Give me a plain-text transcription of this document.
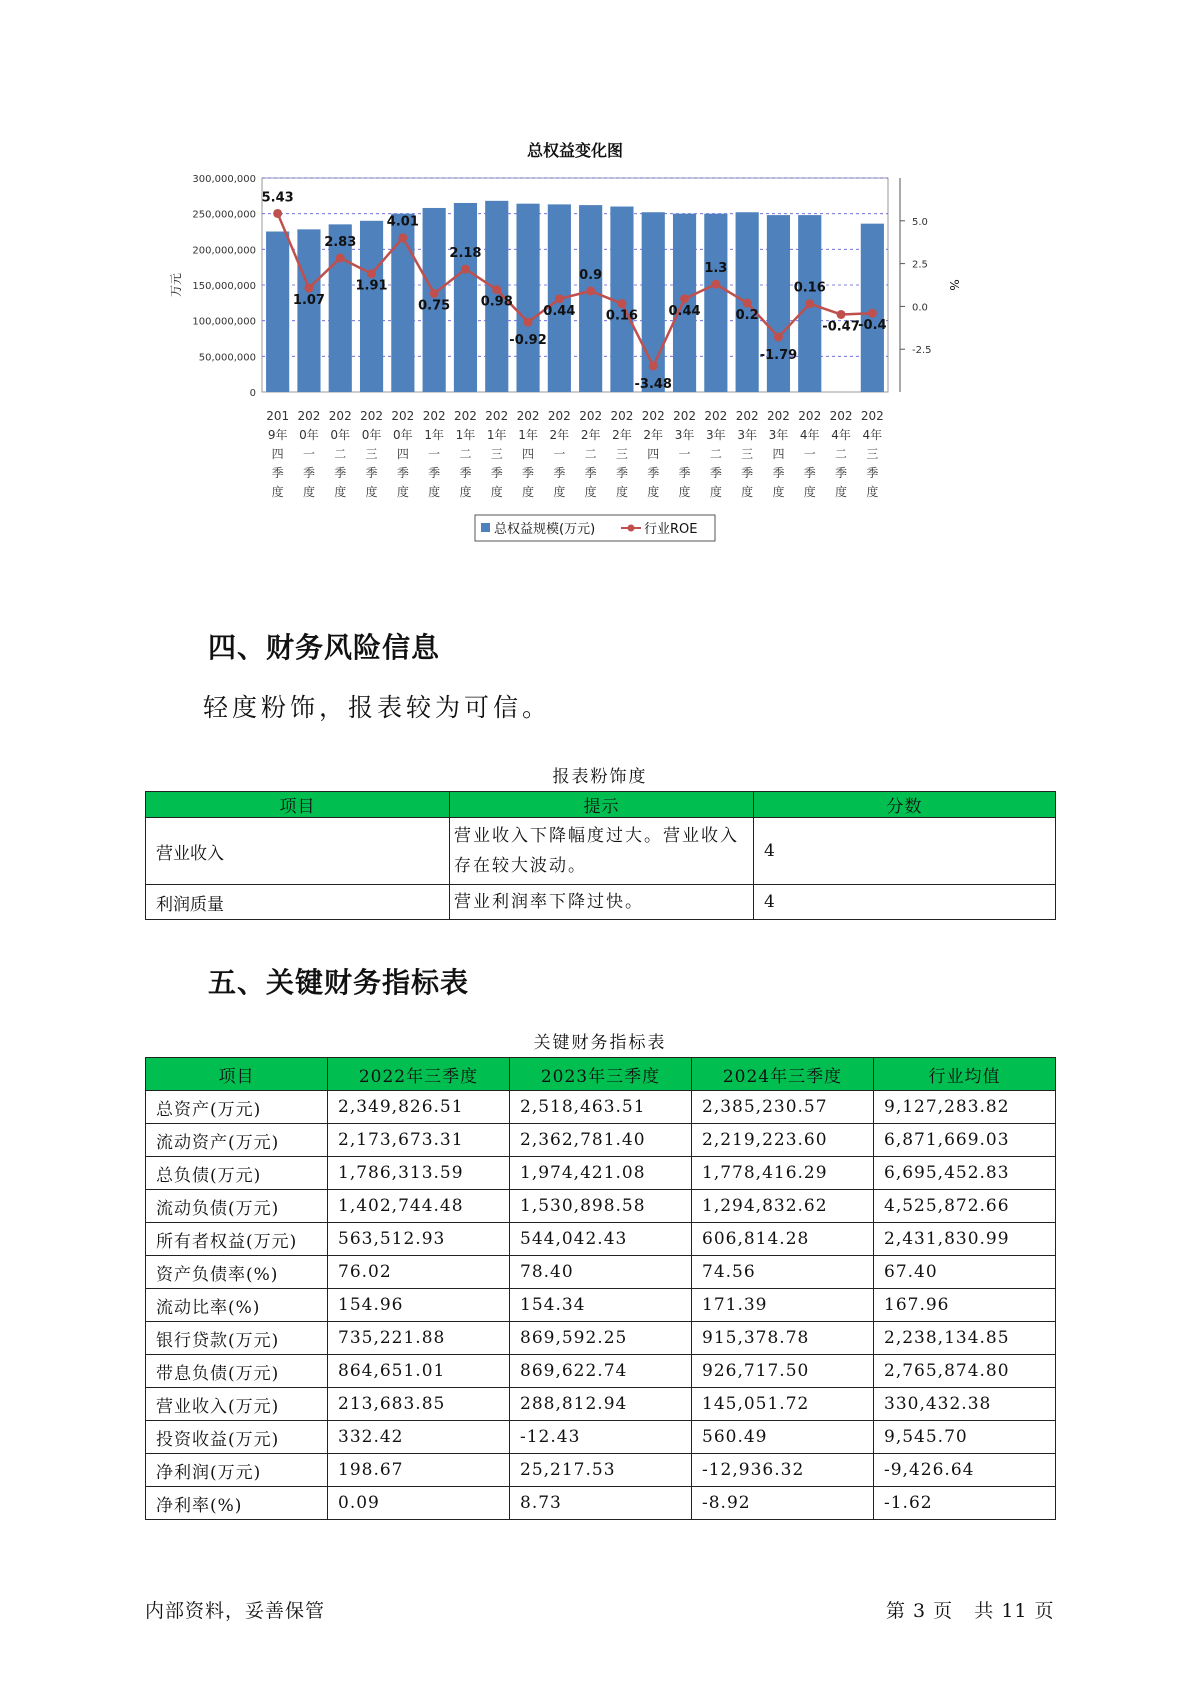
总权益变化图
0
50,000,000
100,000,000
150,000,000
200,000,000
250,000,000
300,000,000
-2.5
0.0
2.5
5.0
万元	%
5.43
1.07
2.83
1.91
4.01
0.75
2.18
0.98
-0.92
0.44
0.9
0.16
-3.48
0.44
1.3
0.2
-1.79
0.16
-0.47
-0.4
201
9年
四
季
度
202
0年
一
季
度
202
0年
二
季
度
202
0年
三
季
度
202
0年
四
季
度
202
1年
一
季
度
202
1年
二
季
度
202
1年
三
季
度
202
1年
四
季
度
202
2年
一
季
度
202
2年
二
季
度
202
2年
三
季
度
202
2年
四
季
度
202
3年
一
季
度
202
3年
二
季
度
202
3年
三
季
度
202
3年
四
季
度
202
4年
一
季
度
202
4年
二
季
度
202
4年
三
季
度
总权益规模(万元)	行业ROE
四、财务风险信息
轻度粉饰，报表较为可信。
报表粉饰度
项目	提示	分数
营业收入	营业收入下降幅度过大。营业收入存在较大波动。	4
利润质量	营业利润率下降过快。	4
五、关键财务指标表
关键财务指标表
项目	2022年三季度	2023年三季度	2024年三季度	行业均值
总资产(万元)	2,349,826.51	2,518,463.51	2,385,230.57	9,127,283.82
流动资产(万元)	2,173,673.31	2,362,781.40	2,219,223.60	6,871,669.03
总负债(万元)	1,786,313.59	1,974,421.08	1,778,416.29	6,695,452.83
流动负债(万元)	1,402,744.48	1,530,898.58	1,294,832.62	4,525,872.66
所有者权益(万元)	563,512.93	544,042.43	606,814.28	2,431,830.99
资产负债率(%)	76.02	78.40	74.56	67.40
流动比率(%)	154.96	154.34	171.39	167.96
银行贷款(万元)	735,221.88	869,592.25	915,378.78	2,238,134.85
带息负债(万元)	864,651.01	869,622.74	926,717.50	2,765,874.80
营业收入(万元)	213,683.85	288,812.94	145,051.72	330,432.38
投资收益(万元)	332.42	-12.43	560.49	9,545.70
净利润(万元)	198.67	25,217.53	-12,936.32	-9,426.64
净利率(%)	0.09	8.73	-8.92	-1.62
内部资料，妥善保管	第 3 页   共 11 页
